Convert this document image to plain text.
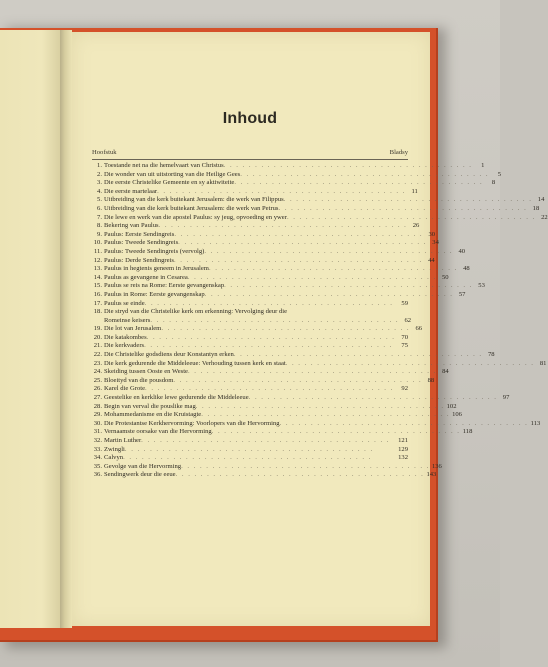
Inhoud
Hoofstuk	Bladsy
1. Toestande net na die hemelvaart van Christus . . . . . . . . . . . . . . . . . . . . . . . . . . . . . . . . . . . . . . . .	1
2. Die wonder van uit uitstorting van die Heilige Gees . . . . . . . . . . . . . . . . . . . . . . . . . . . . . . . . . . . . . . . .	5
3. Die eerste Christelike Gemeente en sy aktiwiteite . . . . . . . . . . . . . . . . . . . . . . . . . . . . . . . . . . . . . . . .	8
4. Die eerste martelaar . . . . . . . . . . . . . . . . . . . . . . . . . . . . . . . . . . . . . . . . 11
5. Uitbreiding van die kerk buitekant Jerusalem: die werk van Filippus . . . . . . . . . . . . . . . . . . . . . . . . . . . . . . . . . . . . . . . . 14
6. Uitbreiding van die kerk buitekant Jerusalem: die werk van Petrus . . . . . . . . . . . . . . . . . . . . . . . . . . . . . . . . . . . . . . . . 18
7. Die lewe en werk van die apostel Paulus: sy jeug, opvoeding en ywer . . . . . . . . . . . . . . . . . . . . . . . . . . . . . . . . . . . . . . . . 22
8. Bekering van Paulus . . . . . . . . . . . . . . . . . . . . . . . . . . . . . . . . . . . . . . . . 26
9. Paulus: Eerste Sendingreis . . . . . . . . . . . . . . . . . . . . . . . . . . . . . . . . . . . . . . . . 30
10. Paulus: Tweede Sendingreis . . . . . . . . . . . . . . . . . . . . . . . . . . . . . . . . . . . . . . . . 34
11. Paulus: Tweede Sendingreis (vervolg) . . . . . . . . . . . . . . . . . . . . . . . . . . . . . . . . . . . . . . . . 40
12. Paulus: Derde Sendingreis . . . . . . . . . . . . . . . . . . . . . . . . . . . . . . . . . . . . . . . . 44
13. Paulus in hegtenis geneem in Jerusalem . . . . . . . . . . . . . . . . . . . . . . . . . . . . . . . . . . . . . . . . 48
14. Paulus as gevangene in Cesarea . . . . . . . . . . . . . . . . . . . . . . . . . . . . . . . . . . . . . . . . 50
15. Paulus se reis na Rome: Eerste gevangenskap . . . . . . . . . . . . . . . . . . . . . . . . . . . . . . . . . . . . . . . . 53
16. Paulus in Rome: Eerste gevangenskap . . . . . . . . . . . . . . . . . . . . . . . . . . . . . . . . . . . . . . . . 57
17. Paulus se einde . . . . . . . . . . . . . . . . . . . . . . . . . . . . . . . . . . . . . . . .	59
18. Die stryd van die Christelike kerk om erkenning: Vervolging deur die
Romeinse keisers . . . . . . . . . . . . . . . . . . . . . . . . . . . . . . . . . . . . . . . . 62
19. Die lot van Jerusalem . . . . . . . . . . . . . . . . . . . . . . . . . . . . . . . . . . . . . . . . 66
20. Die katakombes . . . . . . . . . . . . . . . . . . . . . . . . . . . . . . . . . . . . . . . . 70
21. Die kerkvaders . . . . . . . . . . . . . . . . . . . . . . . . . . . . . . . . . . . . . . . .	75
22. Die Christelike godsdiens deur Konstantyn erken . . . . . . . . . . . . . . . . . . . . . . . . . . . . . . . . . . . . . . . . 78
23. Die kerk gedurende die Middeleeue: Verhouding tussen kerk en staat . . . . . . . . . . . . . . . . . . . . . . . . . . . . . . . . . . . . . . . . 81
24. Skeiding tussen Ooste en Weste . . . . . . . . . . . . . . . . . . . . . . . . . . . . . . . . . . . . . . . . 84
25. Bloeityd van die pousdom . . . . . . . . . . . . . . . . . . . . . . . . . . . . . . . . . . . . . . . . 88
26. Karel die Grote . . . . . . . . . . . . . . . . . . . . . . . . . . . . . . . . . . . . . . . .	92
27. Geestelike en kerklike lewe gedurende die Middeleeue . . . . . . . . . . . . . . . . . . . . . . . . . . . . . . . . . . . . . . . . 97
28. Begin van verval die pouslike mag . . . . . . . . . . . . . . . . . . . . . . . . . . . . . . . . . . . . . . . . 102
29. Mohammedanisme en die Kruistagte . . . . . . . . . . . . . . . . . . . . . . . . . . . . . . . . . . . . . . . . 106
30. Die Protestantse Kerkhervorming: Voorlopers van die Hervorming . . . . . . . . . . . . . . . . . . . . . . . . . . . . . . . . . . . . . . . . 113
31. Vernaamste oorsake van die Hervorming . . . . . . . . . . . . . . . . . . . . . . . . . . . . . . . . . . . . . . . . 118
32. Martin Luther . . . . . . . . . . . . . . . . . . . . . . . . . . . . . . . . . . . . . . . .	121
33. Zwingli . . . . . . . . . . . . . . . . . . . . . . . . . . . . . . . . . . . . . . . .	129
34. Calvyn . . . . . . . . . . . . . . . . . . . . . . . . . . . . . . . . . . . . . . . .	132
35. Gevolge van die Hervorming . . . . . . . . . . . . . . . . . . . . . . . . . . . . . . . . . . . . . . . . 136
36. Sendingwerk deur die eeue . . . . . . . . . . . . . . . . . . . . . . . . . . . . . . . . . . . . . . . . 143
